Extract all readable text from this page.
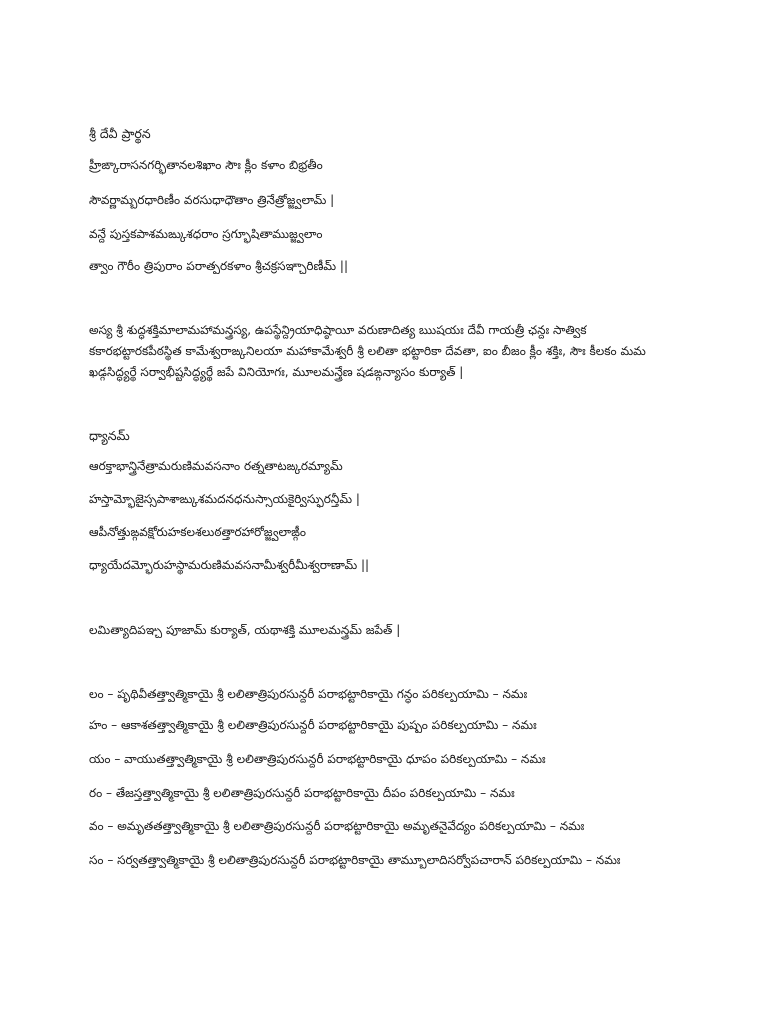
శ్రీ దేవీ ప్రార్థన
హ్రీఙ్కారాసనగర్భితానలశిఖాం సౌః క్లీం కళాం బిభ్రతీం
సౌవర్ణామ్బరధారిణీం వరసుధాధౌతాం త్రినేత్రోజ్జ్వలామ్ |
వన్దే పుస్తకపాశమఙ్కుశధరాం స్రగ్భూషితాముజ్జ్వలాం
త్వాం గౌరీం త్రిపురాం పరాత్పరకళాం శ్రీచక్రసఞ్చారిణీమ్ ||
అస్య శ్రీ శుద్ధశక్తిమాలామహామన్త్రస్య, ఉపస్థేన్ద్రియాధిష్ఠాయీ వరుణాదిత్య ఋషయః దేవీ గాయత్రీ ఛన్దః సాత్విక కకారభట్టారకపీఠస్థిత కామేశ్వరాఙ్కనిలయా మహాకామేశ్వరీ శ్రీ లలితా భట్టారికా దేవతా, ఐం బీజం క్లీం శక్తిః, సౌః కీలకం మమ ఖడ్గసిద్ధ్యర్థే సర్వాభీష్టసిద్ధ్యర్థే జపే వినియోగః, మూలమన్త్రేణ షడఙ్గన్యాసం కుర్యాత్ |
ధ్యానమ్
ఆరక్తాభాన్త్రినేత్రామరుణిమవసనాం రత్నతాటఙ్కరమ్యామ్
హస్తామ్భోజైస్సపాశాఙ్కుశమదనధనుస్సాయకైర్విస్ఫురన్తీమ్ |
ఆపీనోత్తుఙ్గవక్షోరుహకలశలుఠత్తారహారోజ్జ్వలాఙ్గీం
ధ్యాయేదమ్భోరుహస్థామరుణిమవసనామీశ్వరీమీశ్వరాణామ్ ||
లమిత్యాదిపఞ్చ పూజామ్ కుర్యాత్, యథాశక్తి మూలమన్త్రమ్ జపేత్ |
లం – పృథివీతత్త్వాత్మికాయై శ్రీ లలితాత్రిపురసున్దరీ పరాభట్టారికాయై గన్ధం పరికల్పయామి – నమః
హం – ఆకాశతత్త్వాత్మికాయై శ్రీ లలితాత్రిపురసున్దరీ పరాభట్టారికాయై పుష్పం పరికల్పయామి – నమః
యం – వాయుతత్త్వాత్మికాయై శ్రీ లలితాత్రిపురసున్దరీ పరాభట్టారికాయై ధూపం పరికల్పయామి – నమః
రం – తేజస్తత్త్వాత్మికాయై శ్రీ లలితాత్రిపురసున్దరీ పరాభట్టారికాయై దీపం పరికల్పయామి – నమః
వం – అమృతతత్త్వాత్మికాయై శ్రీ లలితాత్రిపురసున్దరీ పరాభట్టారికాయై అమృతనైవేద్యం పరికల్పయామి – నమః
సం – సర్వతత్త్వాత్మికాయై శ్రీ లలితాత్రిపురసున్దరీ పరాభట్టారికాయై తామ్బూలాదిసర్వోపచారాన్ పరికల్పయామి – నమః
